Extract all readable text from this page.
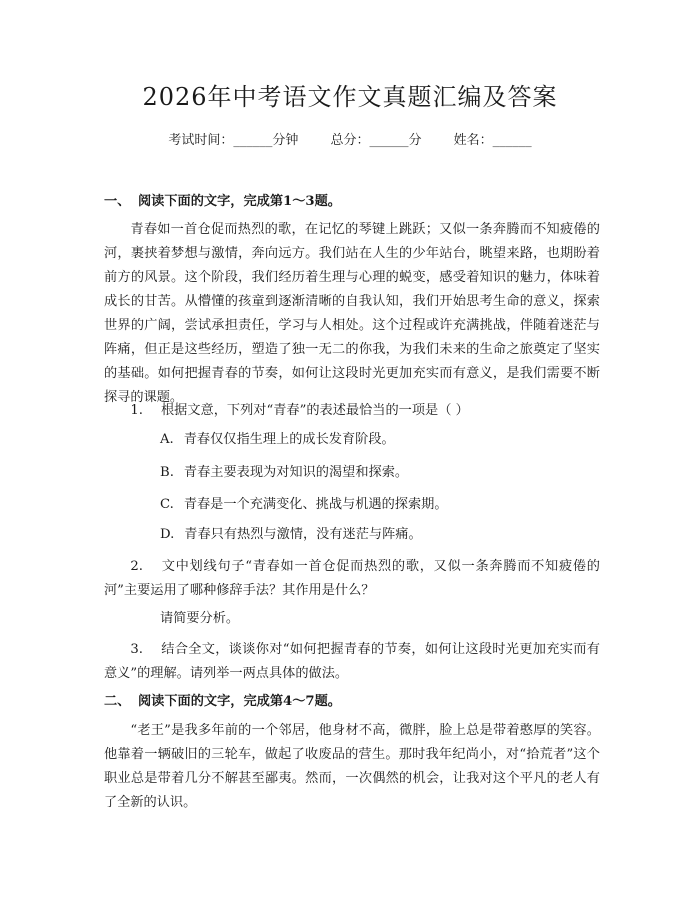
2026年中考语文作文真题汇编及答案
考试时间：______分钟 总分：______分 姓名：______
一、 阅读下面的文字，完成第1～3题。
青春如一首仓促而热烈的歌，在记忆的琴键上跳跃；又似一条奔腾而不知疲倦的河，裹挟着梦想与激情，奔向远方。我们站在人生的少年站台，眺望来路，也期盼着前方的风景。这个阶段，我们经历着生理与心理的蜕变，感受着知识的魅力，体味着成长的甘苦。从懵懂的孩童到逐渐清晰的自我认知，我们开始思考生命的意义，探索世界的广阔，尝试承担责任，学习与人相处。这个过程或许充满挑战，伴随着迷茫与阵痛，但正是这些经历，塑造了独一无二的你我，为我们未来的生命之旅奠定了坚实的基础。如何把握青春的节奏，如何让这段时光更加充实而有意义，是我们需要不断探寻的课题。
1. 根据文意，下列对“青春”的表述最恰当的一项是（ ）
A. 青春仅仅指生理上的成长发育阶段。
B. 青春主要表现为对知识的渴望和探索。
C. 青春是一个充满变化、挑战与机遇的探索期。
D. 青春只有热烈与激情，没有迷茫与阵痛。
2. 文中划线句子“青春如一首仓促而热烈的歌，又似一条奔腾而不知疲倦的河”主要运用了哪种修辞手法？其作用是什么？
请简要分析。
3. 结合全文，谈谈你对“如何把握青春的节奏，如何让这段时光更加充实而有意义”的理解。请列举一两点具体的做法。
二、 阅读下面的文字，完成第4～7题。
“老王”是我多年前的一个邻居，他身材不高，微胖，脸上总是带着憨厚的笑容。他靠着一辆破旧的三轮车，做起了收废品的营生。那时我年纪尚小，对“拾荒者”这个职业总是带着几分不解甚至鄙夷。然而，一次偶然的机会，让我对这个平凡的老人有了全新的认识。
